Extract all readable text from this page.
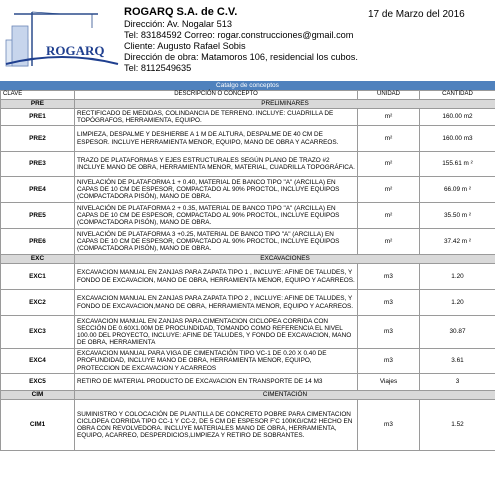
ROGARQ
ROGARQ S.A. de C.V.	17 de Marzo del 2016
Dirección: Av. Nogalar 513
Tel: 83184592 Correo: rogar.construcciones@gmail.com
Cliente: Augusto Rafael Sobis
Dirección de obra: Matamoros 106, residencial los cubos.
Tel: 8112549635
Catalgo de conceptos
CLAVE	DESCRIPCIÓN O CONCEPTO	UNIDAD	CANTIDAD
PRE	PRELIMINARES		
PRE1	RECTIFICADO DE MEDIDAS, COLINDANCIA DE TERRENO. INCLUYE: CUADRILLA DE TOPÓGRAFOS, HERRAMIENTA, EQUIPO.	m²	160.00 m2
PRE2	LIMPIEZA, DESPALME Y DESHIERBE A 1 M DE ALTURA, DESPALME DE 40 CM DE ESPESOR. INCLUYE HERRAMIENTA MENOR, EQUIPO, MANO DE OBRA Y ACARREOS.	m²	160.00 m3
PRE3	TRAZO DE PLATAFORMAS Y EJES ESTRUCTURALES SEGÚN PLANO DE TRAZO #2 INCLUYE MANO DE OBRA, HERRAMIENTA MENOR, MATERIAL, CUADRILLA TOPOGRÁFICA.	m²	155.61 m ²
PRE4	NIVELACIÓN DE PLATAFORMA 1 + 0.40, MATERIAL DE BANCO TIPO "A" (ARCILLA) EN CAPAS DE 10 CM DE ESPESOR, COMPACTADO AL 90% PROCTOL, INCLUYE EQUIPOS (COMPACTADORA PISÓN), MANO DE OBRA.	m²	66.09 m ²
PRE5	NIVELACIÓN DE PLATAFORMA 2 + 0.35, MATERIAL DE BANCO TIPO "A" (ARCILLA) EN CAPAS DE 10 CM DE ESPESOR, COMPACTADO AL 90% PROCTOL, INCLUYE EQUIPOS (COMPACTADORA PISÓN), MANO DE OBRA.	m²	35.50 m ²
PRE6	NIVELACIÓN DE PLATAFORMA 3 +0.25, MATERIAL DE BANCO TIPO "A" (ARCILLA) EN CAPAS DE 10 CM DE ESPESOR, COMPACTADO AL 90% PROCTOL, INCLUYE EQUIPOS (COMPACTADORA PISÓN), MANO DE OBRA.	m²	37.42 m ²
EXC	EXCAVACIONES		
EXC1	EXCAVACION MANUAL EN ZANJAS PARA ZAPATA TIPO 1 , INCLUYE: AFINE DE TALUDES, Y FONDO DE EXCAVACION, MANO DE OBRA, HERRAMIENTA MENOR, EQUIPO Y ACARREOS.	m3	1.20
EXC2	EXCAVACION MANUAL EN ZANJAS PARA ZAPATA TIPO 2 , INCLUYE: AFINE DE TALUDES, Y FONDO DE EXCAVACION,MANO DE OBRA, HERRAMIENTA MENOR, EQUIPO Y ACARREOS.	m3	1.20
EXC3	EXCAVACION MANUAL EN ZANJAS PARA CIMENTACION CICLOPEA CORRIDA CON SECCIÓN DE 0.60X1.00M DE PROCUNDIDAD, TOMANDO COMO REFERENCIA EL NIVEL 100.00 DEL PROYECTO, INCLUYE: AFINE DE TALUDES, Y FONDO DE EXCAVACION, MANO DE OBRA, HERRAMIENTA	m3	30.87
EXC4	EXCAVACION MANUAL PARA VIGA DE CIMENTACIÓN TIPO VC-1 DE 0.20 X 0.40 DE PROFUNDIDAD, INCLUYE MANO DE OBRA, HERRAMIENTA MENOR, EQUIPO, PROTECCION DE EXCAVACION Y ACARREOS	m3	3.61
EXC5	RETIRO DE MATERIAL PRODUCTO DE EXCAVACION EN TRANSPORTE DE 14 M3	Viajes	3
CIM	CIMENTACIÓN		
CIM1	SUMINISTRO Y COLOCACIÓN DE PLANTILLA DE CONCRETO POBRE PARA CIMENTACION CICLOPEA CORRIDA TIPO CC-1 Y CC-2, DE 5 CM DE ESPESOR F'C 100KG/CM2 HECHO EN OBRA CON REVOLVEDORA. INCLUYE MATERIALES MANO DE OBRA, HERRAMIENTA, EQUIPO, ACARREO, DESPERDICIOS,LIMPIEZA Y RETIRO DE SOBRANTES.	m3	1.52
